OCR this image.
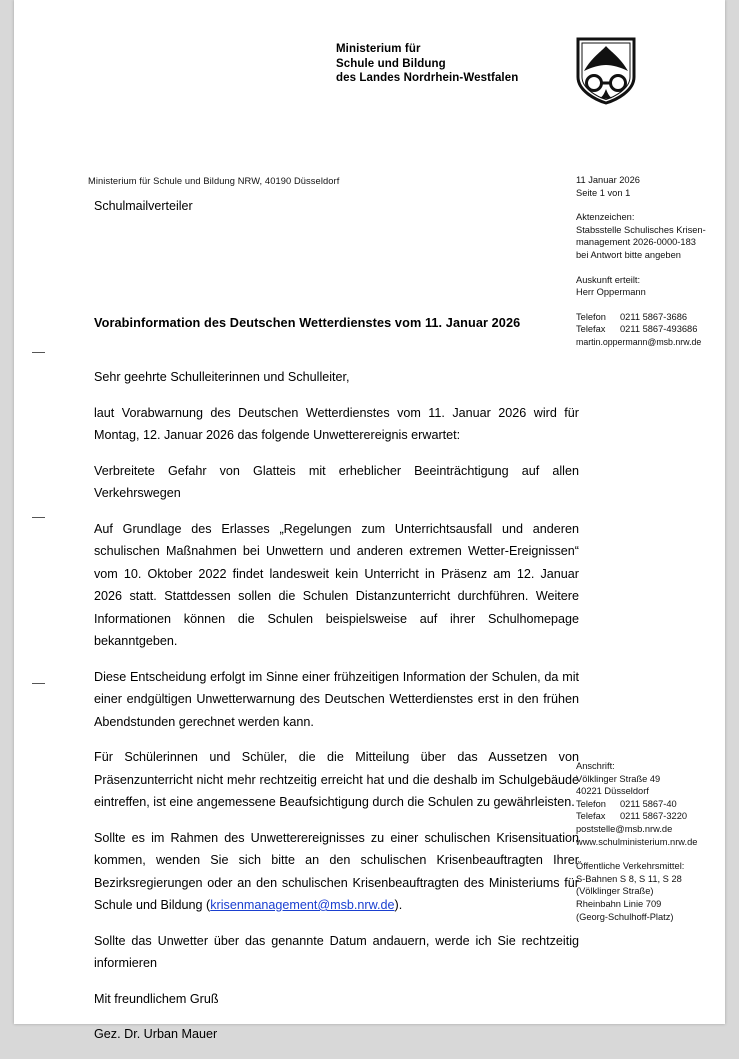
Ministerium für
Schule und Bildung
des Landes Nordrhein-Westfalen
Ministerium für Schule und Bildung NRW, 40190 Düsseldorf
Schulmailverteiler
11 Januar 2026
Seite 1 von 1
Aktenzeichen:
Stabsstelle Schulisches Krisen-
management 2026-0000-183
bei Antwort bitte angeben
Auskunft erteilt:
Herr Oppermann
Telefon 0211 5867-3686
Telefax 0211 5867-493686
martin.oppermann@msb.nrw.de
Vorabinformation des Deutschen Wetterdienstes vom 11. Januar 2026

Sehr geehrte Schulleiterinnen und Schulleiter,

laut Vorabwarnung des Deutschen Wetterdienstes vom 11. Januar 2026 wird für Montag, 12. Januar 2026 das folgende Unwetterereignis erwartet:

Verbreitete Gefahr von Glatteis mit erheblicher Beeinträchtigung auf allen Verkehrswegen

Auf Grundlage des Erlasses „Regelungen zum Unterrichtsausfall und anderen schulischen Maßnahmen bei Unwettern und anderen extremen Wetter-Ereignissen“ vom 10. Oktober 2022 findet landesweit kein Unterricht in Präsenz am 12. Januar 2026 statt. Stattdessen sollen die Schulen Distanzunterricht durchführen. Weitere Informationen können die Schulen beispielsweise auf ihrer Schulhomepage bekanntgeben.

Diese Entscheidung erfolgt im Sinne einer frühzeitigen Information der Schulen, da mit einer endgültigen Unwetterwarnung des Deutschen Wetterdienstes erst in den frühen Abendstunden gerechnet werden kann.

Für Schülerinnen und Schüler, die die Mitteilung über das Aussetzen von Präsenzunterricht nicht mehr rechtzeitig erreicht hat und die deshalb im Schulgebäude eintreffen, ist eine angemessene Beaufsichtigung durch die Schulen zu gewährleisten.

Sollte es im Rahmen des Unwetterereignisses zu einer schulischen Krisensituation kommen, wenden Sie sich bitte an den schulischen Krisenbeauftragten Ihrer Bezirksregierungen oder an den schulischen Krisenbeauftragten des Ministeriums für Schule und Bildung (krisenmanagement@msb.nrw.de).

Sollte das Unwetter über das genannte Datum andauern, werde ich Sie rechtzeitig informieren

Mit freundlichem Gruß

Gez. Dr. Urban Mauer

Anschrift:
Völklinger Straße 49
40221 Düsseldorf
Telefon 0211 5867-40
Telefax 0211 5867-3220
poststelle@msb.nrw.de
www.schulministerium.nrw.de
Öffentliche Verkehrsmittel:
S-Bahnen S 8, S 11, S 28
(Völklinger Straße)
Rheinbahn Linie 709
(Georg-Schulhoff-Platz)
